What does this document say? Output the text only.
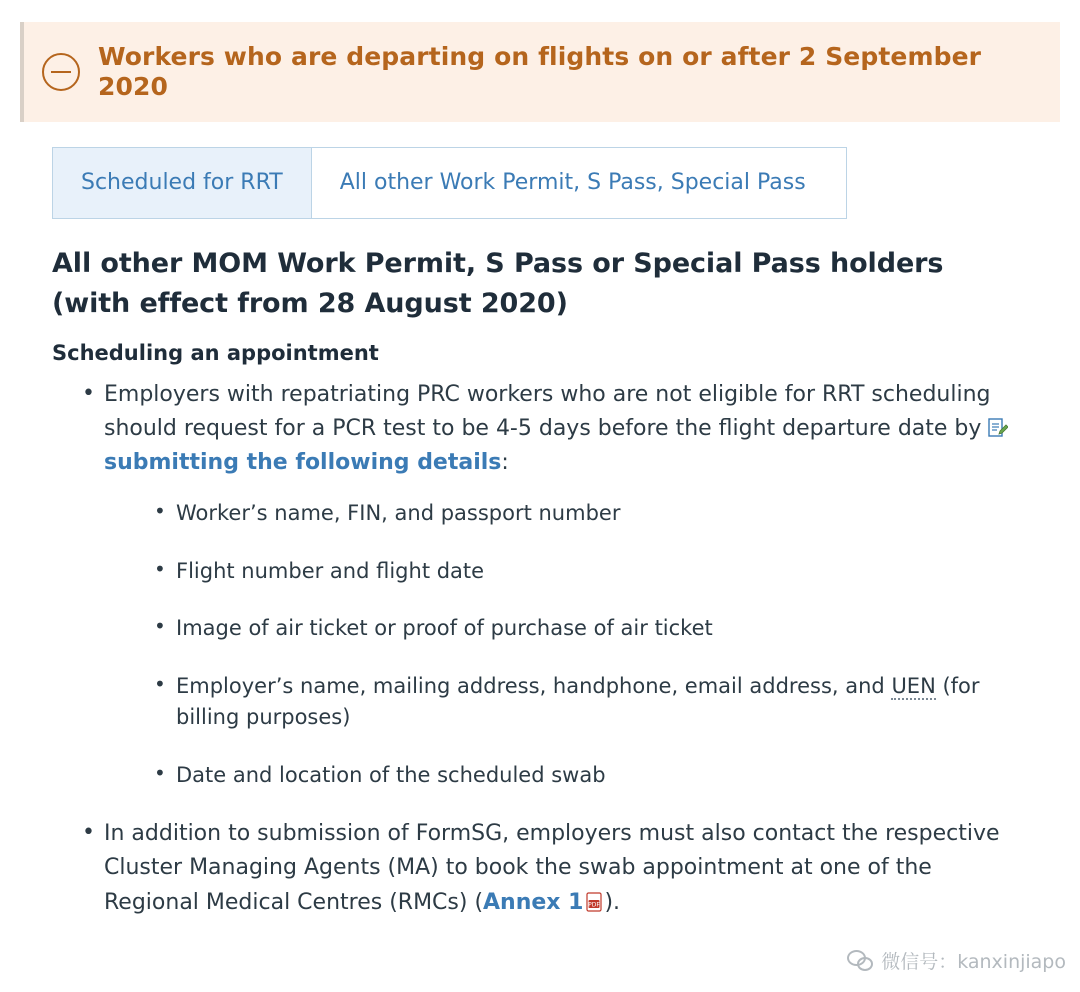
Workers who are departing on flights on or after 2 September 2020
Scheduled for RRT	All other Work Permit, S Pass, Special Pass
All other MOM Work Permit, S Pass or Special Pass holders (with effect from 28 August 2020)
Scheduling an appointment
• Employers with repatriating PRC workers who are not eligible for RRT scheduling should request for a PCR test to be 4-5 days before the flight departure date by submitting the following details:
• Worker’s name, FIN, and passport number
• Flight number and flight date
• Image of air ticket or proof of purchase of air ticket
• Employer’s name, mailing address, handphone, email address, and UEN (for billing purposes)
• Date and location of the scheduled swab
• In addition to submission of FormSG, employers must also contact the respective Cluster Managing Agents (MA) to book the swab appointment at one of the Regional Medical Centres (RMCs) (Annex 1 PDF ).
微信号：kanxinjiapo
